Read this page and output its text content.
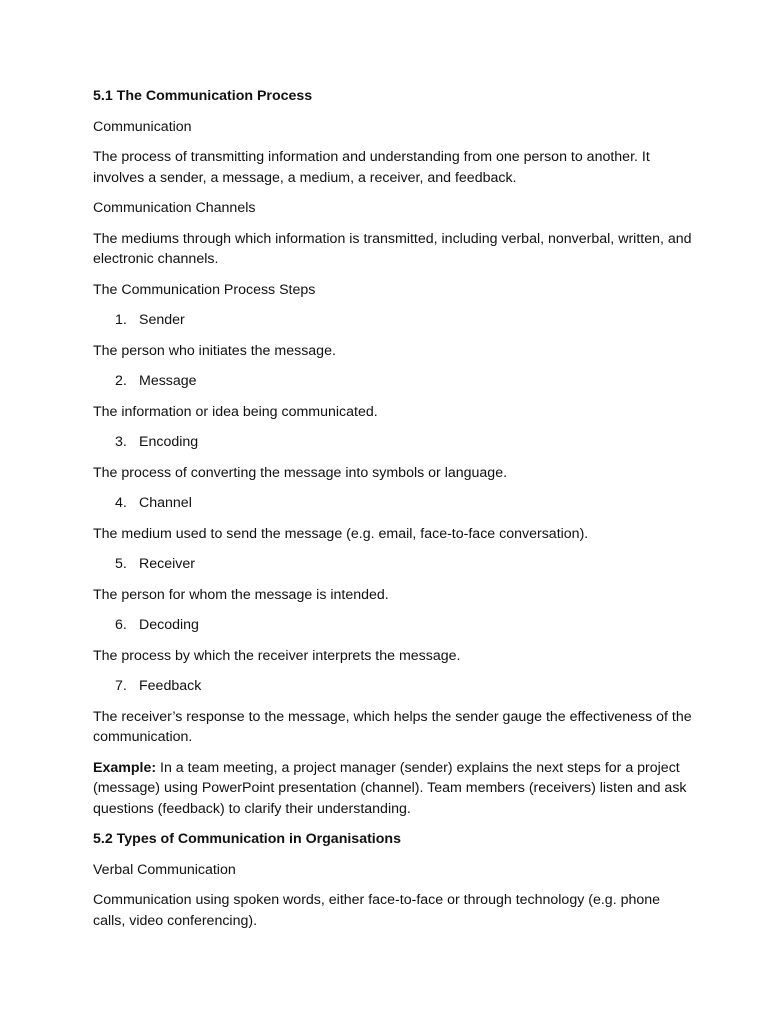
5.1 The Communication Process

Communication

The process of transmitting information and understanding from one person to another. It involves a sender, a message, a medium, a receiver, and feedback.

Communication Channels

The mediums through which information is transmitted, including verbal, nonverbal, written, and electronic channels.

The Communication Process Steps

1. Sender

The person who initiates the message.

2. Message

The information or idea being communicated.

3. Encoding

The process of converting the message into symbols or language.

4. Channel

The medium used to send the message (e.g. email, face-to-face conversation).

5. Receiver

The person for whom the message is intended.

6. Decoding

The process by which the receiver interprets the message.

7. Feedback

The receiver’s response to the message, which helps the sender gauge the effectiveness of the communication.

Example: In a team meeting, a project manager (sender) explains the next steps for a project (message) using PowerPoint presentation (channel). Team members (receivers) listen and ask questions (feedback) to clarify their understanding.

5.2 Types of Communication in Organisations

Verbal Communication

Communication using spoken words, either face-to-face or through technology (e.g. phone calls, video conferencing).
